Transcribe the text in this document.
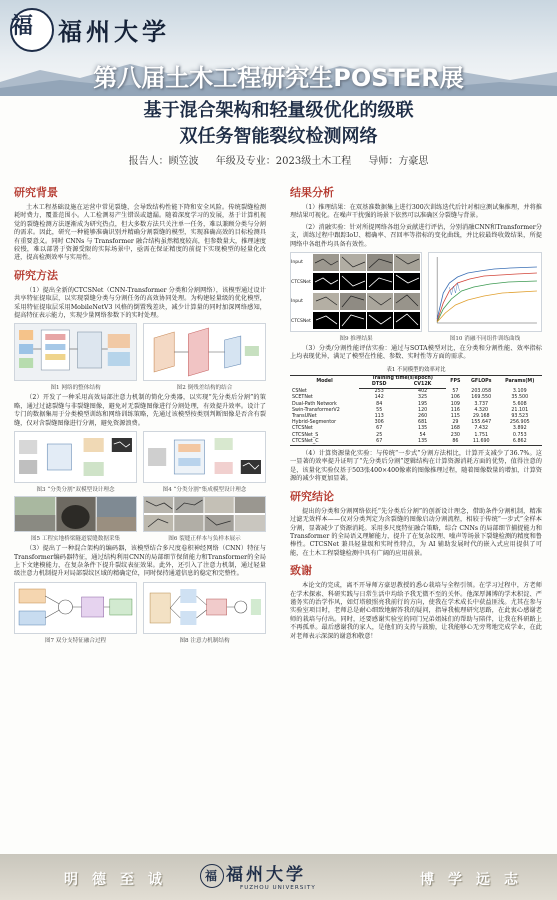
福 福州大学
第八届土木工程研究生POSTER展
基于混合架构和轻量级优化的级联
双任务智能裂纹检测网络
报告人：顾笠波 年级及专业：2023级土木工程 导师：方豪思
研究背景

土木工程基础设施在运营中常见裂缝，会导致结构性能下降和安全风险。传统裂缝检测耗时费力，覆盖范围小。人工检测易产生错误或遗漏。随着深度学习的发展，基于计算机视觉的裂缝检测方法逐渐成为研究热点，但大多数方法只关注单一任务，难以兼顾分类与分割的需求。因此，研究一种能够准确识别并精确分割裂缝的模型，实现准确高效的目标检测具有重要意义。同时 CNNs 与 Transformer 融合结构虽然精度较高，但参数量大，推理速度较慢，难以部署于资源受限的实际场景中，亟需在保证精度的前提下实现模型的轻量化改进，提高检测效率与实用性。

研究方法

（1）提出全新的CTCSNet（CNN-Transformer 分类和分割网络），该模型通过设计共享特征提取层，以实现裂缝分类与分割任务的高效协同处理。为构建轻量级的优化模型，采用特征提取层采用MobileNetV3 风格的倒置残差块，减少计算量的同时加深网络感知，提高特征表示能力，实现少量网络参数下的实时处理。

图1 网络的整体结构	图2 倒残差结构的结合

（2）开发了一种采用高效局部注意力机制的简化分类器，以实现“先分类后分割”的策略，通过过滤裂缝与非裂缝图像，避免对无裂缝图像进行分割处理，有效提升效率。设计了专门的数据集用于分类模型训练和网络训练策略，先通过该模型按类别判断图像是否含有裂缝，仅对含裂缝图像进行分割，避免资源浪费。

图3 “分类分割”双模型设计理念	图4 “分类分割”集成模型设计理念
图5 工程实地桥梁隧道裂缝数据采集	图6 裂缝正样本与负样本展示

（3）提出了一种混合架构的编码器，该模型结合多尺度卷积神经网络（CNN）特征与Transformer编码器特征，通过结构利用CNN的局部细节保留能力和Transformer的全局上下文建模能力，在复杂条件下提升裂纹表征效果。此外，还引入了注意力机制，通过轻量级注意力机制提升对局部裂纹区域的精确定位，同时保持通道信息的稳定和完整性。

图7 双分支特征融合过程	图8 注意力机制结构
结果分析

（1）推理结果：在双基准数据集上进行300次训练迭代后针对相应测试集推理，并将推理结果可视化。在噪声干扰强的场景下依然可以准确区分裂缝与背景。

（2）消融实验：针对所提网络各组分贡献进行评估，分别消融CNN和Transformer分支，训练过程中跟踪IoU、精确率、召回率等指标的变化曲线，并比较最终收敛结果，所提网络中各组件均具备有效性。

Input
CTCSNet
Input
CTCSNet
图9 推理结果	图10 消融不同组件训练曲线

（3）分类/分割性能评估实验：通过与SOTA模型对比，在分类和分割性能、效率指标上均表现优异，满足了模型在性能、参数、实时性等方面的需求。

表1 不同模型的效率对比
Model	Training time(s/epoch)		FPS	GFLOPs	Params(M)
	DTSD	CV12K			
CSNet	253	402	57	203.058	3.109
SCETNet	142	325	106	169.550	35.500
Dual-Path Network	84	195	109	3.737	5.608
Swin-TransformerV2	55	120	116	4.320	21.101
TransUNet	113	260	115	29.168	93.523
Hybrid-Segmentor	306	681	29	155.647	256.905
CTCSNet	67	135	168	7.432	3.892
CTCSNet_S	25	54	230	1.751	0.753
CTCSNet_C	67	135	86	11.690	6.862

（4）计算资源量化实验：与传统“一步式”分割方法相比，计算开支减少了36.7%。这一显著的效率提升证明了“先分类后分割”逻辑结构在计算资源消耗方面的优势，值得注意的是，该量化实验仅基于503张400×400像素的图像推理过程，随着图像数量的增加，计算资源的减少将更加显著。

研究结论

提出的分类和分割网络依托“先分类后分割”的创新设计理念，借助条件分割机制，精准过滤无效样本——仅对分类判定为含裂缝的图像启动分割流程，相较于传统“一步式”全样本分割，显著减少了资源消耗。采用多尺度特征融合策略，综合 CNNs 的局部细节捕捉能力和 Transformer 的全局语义理解能力，提升了在复杂纹理、噪声等场景下裂缝检测的精度和鲁棒性。CTCSNet 兼具轻量级和实时性特点，为 AI 辅助发展时代的嵌入式应用提供了可能，在土木工程裂缝检测中具有广阔的应用前景。

致谢

本论文的完成，离不开导师方豪思教授的悉心栽培与全程引领。在学习过程中，方老师在学术探索、科研实践与日常生活中均给予我无微不至的关怀。他深厚渊博的学术积淀、严谨务实的治学作风，如灯塔般照亮我前行的方向，使我在学术成长中获益匪浅。尤其在参与实验室项目时，老师总是耐心细致地解答我的疑问，指导我梳理研究思路，在此衷心感谢老师的栽培与付出。同时，还要感谢实验室的同门兄弟姐妹们的帮助与陪伴，让我在科研路上不再孤单。最后感谢我的家人，是他们的支持与鼓励，让我能够心无旁骛地完成学业，在此对老师表示深深的谢意和敬意！

明德至诚 福 福州大学
FUZHOU UNIVERSITY	博学远志
